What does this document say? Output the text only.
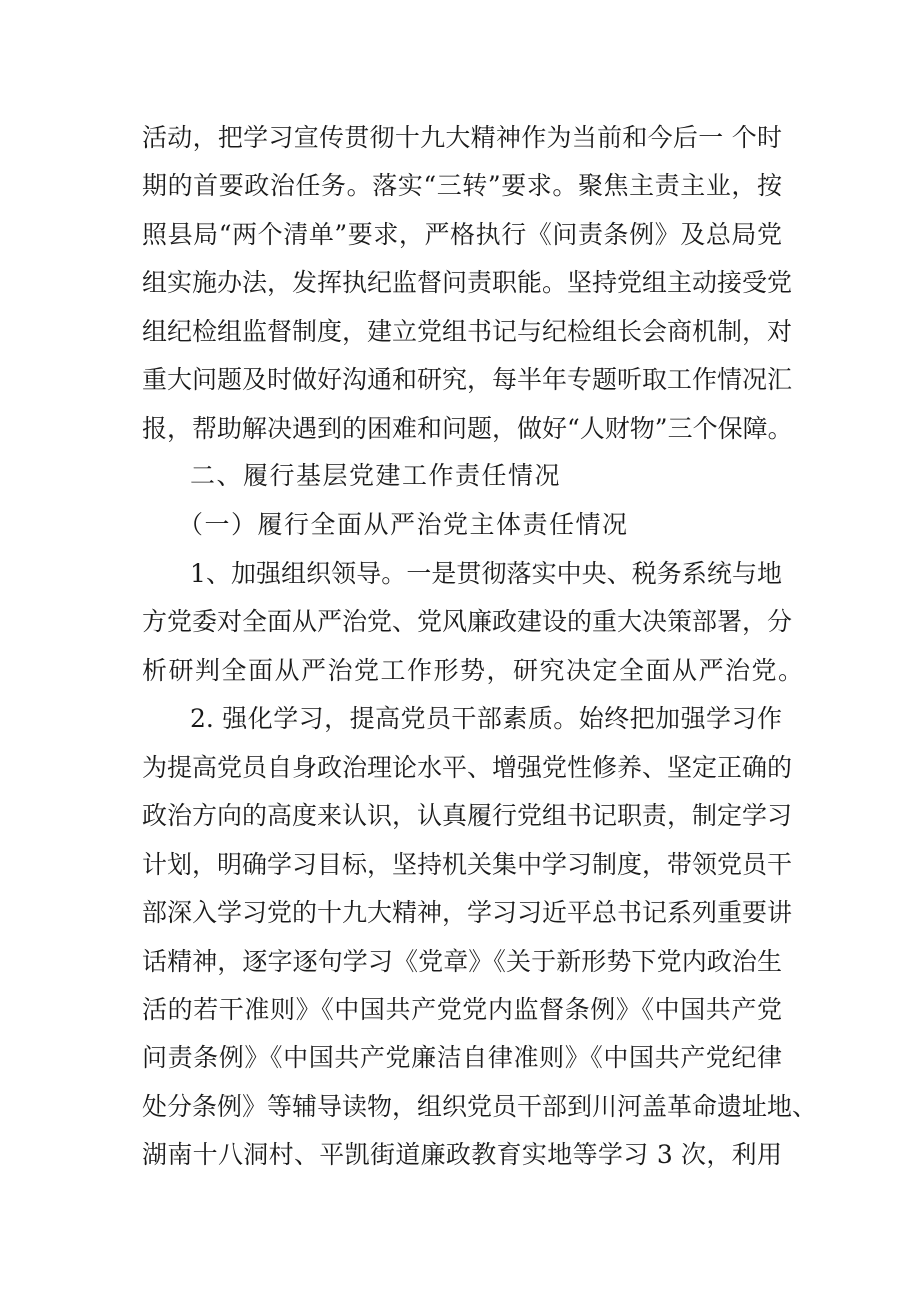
活动，把学习宣传贯彻十九大精神作为当前和今后一 个时
期的首要政治任务。落实“三转”要求。聚焦主责主业，按
照县局“两个清单”要求，严格执行《问责条例》及总局党
组实施办法，发挥执纪监督问责职能。坚持党组主动接受党
组纪检组监督制度，建立党组书记与纪检组长会商机制，对
重大问题及时做好沟通和研究，每半年专题听取工作情况汇
报，帮助解决遇到的困难和问题，做好“人财物”三个保障。
二、履行基层党建工作责任情况
（一）履行全面从严治党主体责任情况
1、加强组织领导。一是贯彻落实中央、税务系统与地
方党委对全面从严治党、党风廉政建设的重大决策部署，分
析研判全面从严治党工作形势，研究决定全面从严治党。
2. 强化学习，提高党员干部素质。始终把加强学习作
为提高党员自身政治理论水平、增强党性修养、坚定正确的
政治方向的高度来认识，认真履行党组书记职责，制定学习
计划，明确学习目标，坚持机关集中学习制度，带领党员干
部深入学习党的十九大精神，学习习近平总书记系列重要讲
话精神，逐字逐句学习《党章》《关于新形势下党内政治生
活的若干准则》《中国共产党党内监督条例》《中国共产党
问责条例》《中国共产党廉洁自律准则》《中国共产党纪律
处分条例》等辅导读物，组织党员干部到川河盖革命遗址地、
湖南十八洞村、平凯街道廉政教育实地等学习 3 次，利用
